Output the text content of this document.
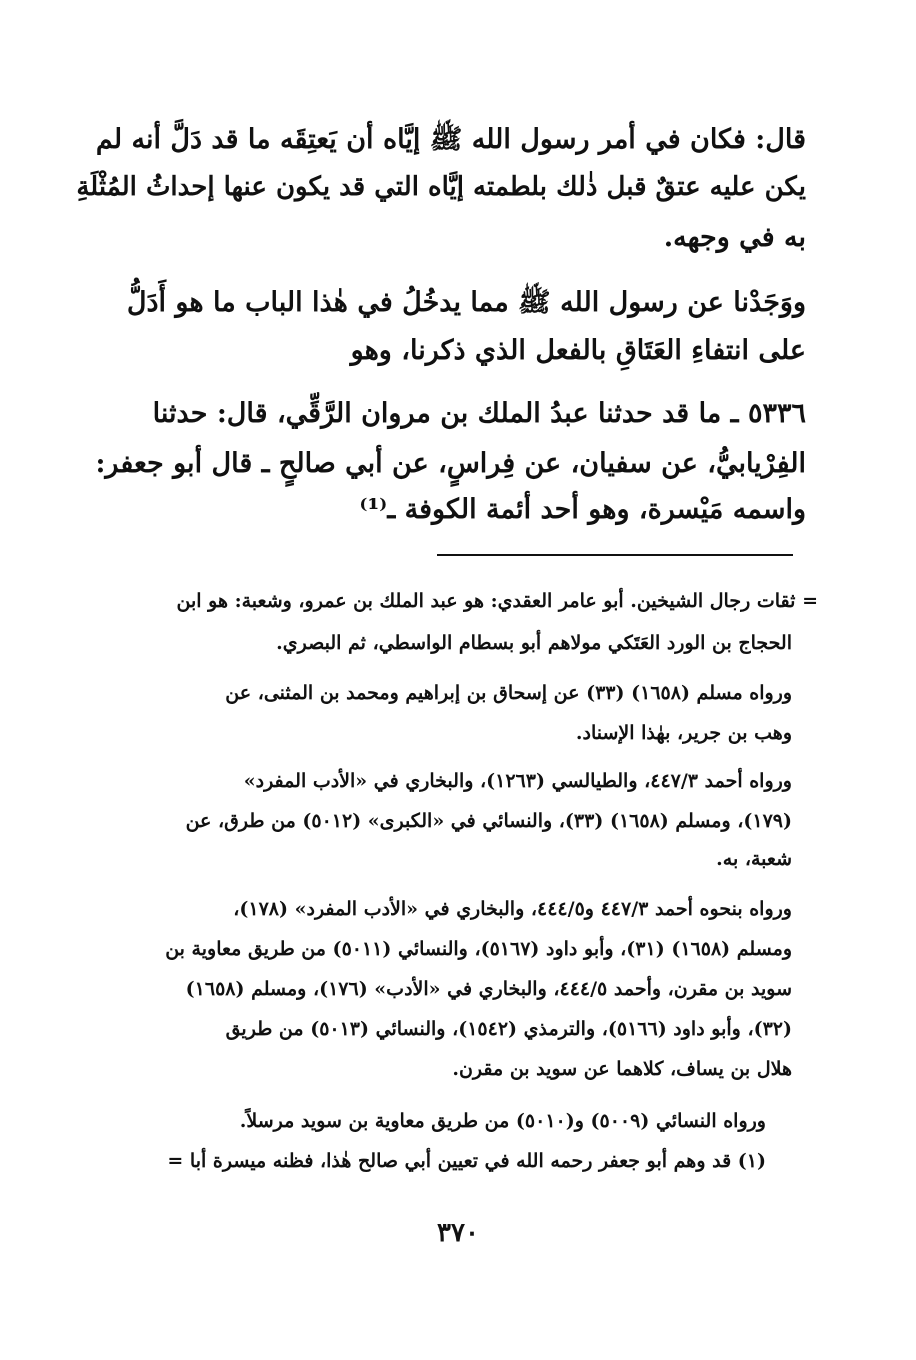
قال: فكان في أمر رسول الله ﷺ إيَّاه أن يَعتِقَه ما قد دَلَّ أنه لم
يكن عليه عتقٌ قبل ذٰلك بلطمته إيَّاه التي قد يكون عنها إحداثُ المُثْلَةِ
به في وجهه.
ووَجَدْنا عن رسول الله ﷺ مما يدخُلُ في هٰذا الباب ما هو أَدَلُّ
على انتفاءِ العَتَاقِ بالفعل الذي ذكرنا، وهو
٥٣٣٦ ـ ما قد حدثنا عبدُ الملك بن مروان الرَّقِّي، قال: حدثنا
الفِرْيابيُّ، عن سفيان، عن فِراسٍ، عن أبي صالحٍ ـ قال أبو جعفر:
واسمه مَيْسرة، وهو أحد أئمة الكوفة ـ⁽¹⁾
= ثقات رجال الشيخين. أبو عامر العقدي: هو عبد الملك بن عمرو، وشعبة: هو ابن
الحجاج بن الورد العَتَكي مولاهم أبو بسطام الواسطي، ثم البصري.
ورواه مسلم (١٦٥٨) (٣٣) عن إسحاق بن إبراهيم ومحمد بن المثنى، عن
وهب بن جرير، بهٰذا الإسناد.
ورواه أحمد ٤٤٧/٣، والطيالسي (١٢٦٣)، والبخاري في «الأدب المفرد»
(١٧٩)، ومسلم (١٦٥٨) (٣٣)، والنسائي في «الكبرى» (٥٠١٢) من طرق، عن
شعبة، به.
ورواه بنحوه أحمد ٤٤٧/٣ و٤٤٤/٥، والبخاري في «الأدب المفرد» (١٧٨)،
ومسلم (١٦٥٨) (٣١)، وأبو داود (٥١٦٧)، والنسائي (٥٠١١) من طريق معاوية بن
سويد بن مقرن، وأحمد ٤٤٤/٥، والبخاري في «الأدب» (١٧٦)، ومسلم (١٦٥٨)
(٣٢)، وأبو داود (٥١٦٦)، والترمذي (١٥٤٢)، والنسائي (٥٠١٣) من طريق
هلال بن يساف، كلاهما عن سويد بن مقرن.
ورواه النسائي (٥٠٠٩) و(٥٠١٠) من طريق معاوية بن سويد مرسلاً.
(١) قد وهم أبو جعفر رحمه الله في تعيين أبي صالح هٰذا، فظنه ميسرة أبا =
٣٧٠
